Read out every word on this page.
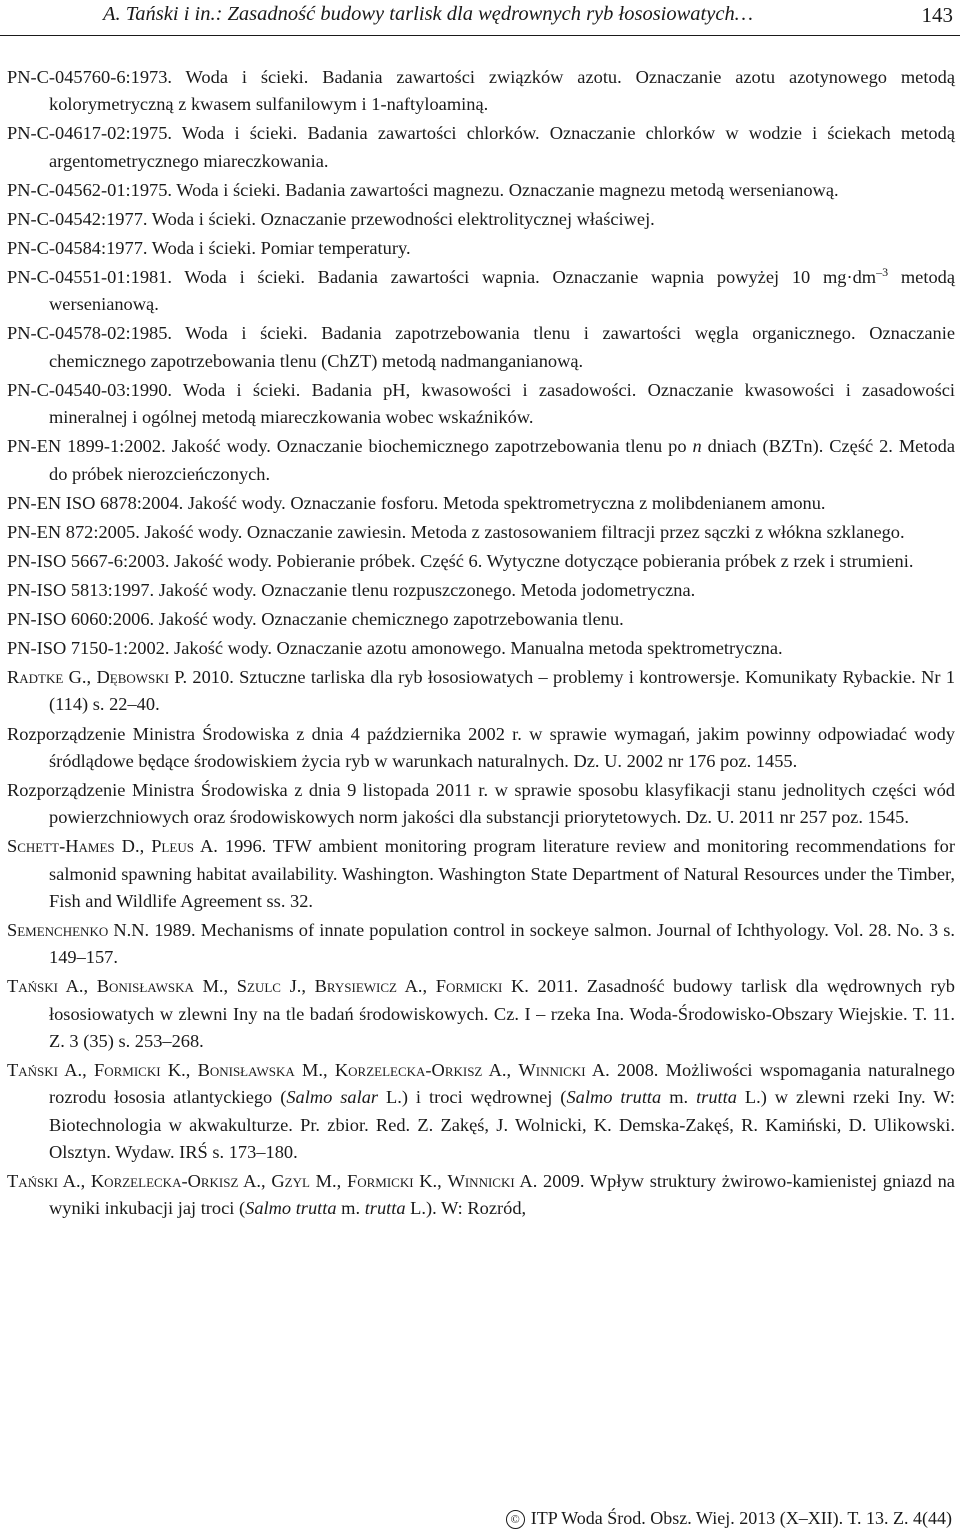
A. Tański i in.: Zasadność budowy tarlisk dla wędrownych ryb łososiowatych…	143

PN-C-045760-6:1973. Woda i ścieki. Badania zawartości związków azotu. Oznaczanie azotu azotynowego metodą kolorymetryczną z kwasem sulfanilowym i 1-naftyloaminą.

PN-C-04617-02:1975. Woda i ścieki. Badania zawartości chlorków. Oznaczanie chlorków w wodzie i ściekach metodą argentometrycznego miareczkowania.

PN-C-04562-01:1975. Woda i ścieki. Badania zawartości magnezu. Oznaczanie magnezu metodą wersenianową.

PN-C-04542:1977. Woda i ścieki. Oznaczanie przewodności elektrolitycznej właściwej.

PN-C-04584:1977. Woda i ścieki. Pomiar temperatury.

PN-C-04551-01:1981. Woda i ścieki. Badania zawartości wapnia. Oznaczanie wapnia powyżej 10 $mg\cdot dm^{-3}$ metodą wersenianową.

PN-C-04578-02:1985. Woda i ścieki. Badania zapotrzebowania tlenu i zawartości węgla organicznego. Oznaczanie chemicznego zapotrzebowania tlenu (ChZT) metodą nadmanganianową.

PN-C-04540-03:1990. Woda i ścieki. Badania pH, kwasowości i zasadowości. Oznaczanie kwasowości i zasadowości mineralnej i ogólnej metodą miareczkowania wobec wskaźników.

PN-EN 1899-1:2002. Jakość wody. Oznaczanie biochemicznego zapotrzebowania tlenu po n dniach (BZTn). Część 2. Metoda do próbek nierozcieńczonych.

PN-EN ISO 6878:2004. Jakość wody. Oznaczanie fosforu. Metoda spektrometryczna z molibdenianem amonu.

PN-EN 872:2005. Jakość wody. Oznaczanie zawiesin. Metoda z zastosowaniem filtracji przez sączki z włókna szklanego.

PN-ISO 5667-6:2003. Jakość wody. Pobieranie próbek. Część 6. Wytyczne dotyczące pobierania próbek z rzek i strumieni.

PN-ISO 5813:1997. Jakość wody. Oznaczanie tlenu rozpuszczonego. Metoda jodometryczna.

PN-ISO 6060:2006. Jakość wody. Oznaczanie chemicznego zapotrzebowania tlenu.

PN-ISO 7150-1:2002. Jakość wody. Oznaczanie azotu amonowego. Manualna metoda spektrometryczna.

Radtke G., Dębowski P. 2010. Sztuczne tarliska dla ryb łososiowatych – problemy i kontrowersje. Komunikaty Rybackie. Nr 1 (114) s. 22–40.

Rozporządzenie Ministra Środowiska z dnia 4 października 2002 r. w sprawie wymagań, jakim powinny odpowiadać wody śródlądowe będące środowiskiem życia ryb w warunkach naturalnych. Dz. U. 2002 nr 176 poz. 1455.

Rozporządzenie Ministra Środowiska z dnia 9 listopada 2011 r. w sprawie sposobu klasyfikacji stanu jednolitych części wód powierzchniowych oraz środowiskowych norm jakości dla substancji priorytetowych. Dz. U. 2011 nr 257 poz. 1545.

Schett-Hames D., Pleus A. 1996. TFW ambient monitoring program literature review and monitoring recommendations for salmonid spawning habitat availability. Washington. Washington State Department of Natural Resources under the Timber, Fish and Wildlife Agreement ss. 32.

Semenchenko N.N. 1989. Mechanisms of innate population control in sockeye salmon. Journal of Ichthyology. Vol. 28. No. 3 s. 149–157.

Tański A., Bonisławska M., Szulc J., Brysiewicz A., Formicki K. 2011. Zasadność budowy tarlisk dla wędrownych ryb łososiowatych w zlewni Iny na tle badań środowiskowych. Cz. I – rzeka Ina. Woda-Środowisko-Obszary Wiejskie. T. 11. Z. 3 (35) s. 253–268.

Tański A., Formicki K., Bonisławska M., Korzelecka-Orkisz A., Winnicki A. 2008. Możliwości wspomagania naturalnego rozrodu łososia atlantyckiego (Salmo salar L.) i troci wędrownej (Salmo trutta m. trutta L.) w zlewni rzeki Iny. W: Biotechnologia w akwakulturze. Pr. zbior. Red. Z. Zakęś, J. Wolnicki, K. Demska-Zakęś, R. Kamiński, D. Ulikowski. Olsztyn. Wydaw. IRŚ s. 173–180.

Tański A., Korzelecka-Orkisz A., Gzyl M., Formicki K., Winnicki A. 2009. Wpływ struktury żwirowo-kamienistej gniazd na wyniki inkubacji jaj troci (Salmo trutta m. trutta L.). W: Rozród,

© ITP Woda Środ. Obsz. Wiej. 2013 (X–XII). T. 13. Z. 4(44)
